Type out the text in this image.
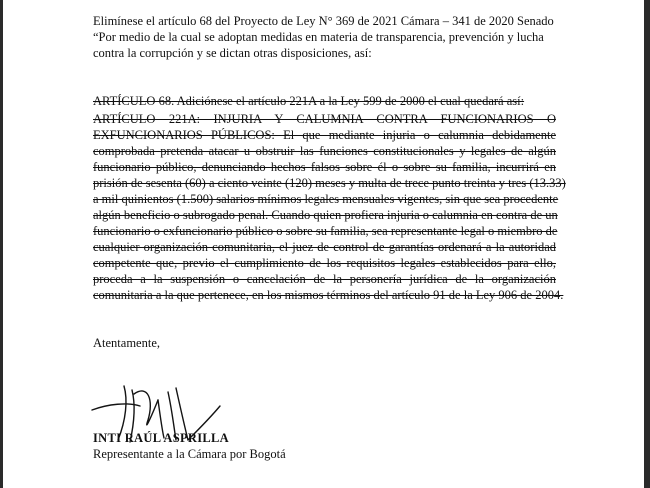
Elimínese el artículo 68 del Proyecto de Ley N° 369 de 2021 Cámara – 341 de 2020 Senado
“Por medio de la cual se adoptan medidas en materia de transparencia, prevención y lucha
contra la corrupción y se dictan otras disposiciones, así:
ARTÍCULO 68. Adiciónese el artículo 221A a la Ley 599 de 2000 el cual quedará así:
ARTÍCULO 221A: INJURIA Y CALUMNIA CONTRA FUNCIONARIOS O
EXFUNCIONARIOS PÚBLICOS: El que mediante injuria o calumnia debidamente
comprobada pretenda atacar u obstruir las funciones constitucionales y legales de algún
funcionario público, denunciando hechos falsos sobre él o sobre su familia, incurrirá en
prisión de sesenta (60) a ciento veinte (120) meses y multa de trece punto treinta y tres (13.33)
a mil quinientos (1.500) salarios mínimos legales mensuales vigentes, sin que sea procedente
algún beneficio o subrogado penal. Cuando quien profiera injuria o calumnia en contra de un
funcionario o exfuncionario público o sobre su familia, sea representante legal o miembro de
cualquier organización comunitaria, el juez de control de garantías ordenará a la autoridad
competente que, previo el cumplimiento de los requisitos legales establecidos para ello,
proceda a la suspensión o cancelación de la personería jurídica de la organización
comunitaria a la que pertenece, en los mismos términos del artículo 91 de la Ley 906 de 2004.
Atentamente,
INTI RAÚL ASPRILLA
Representante a la Cámara por Bogotá
